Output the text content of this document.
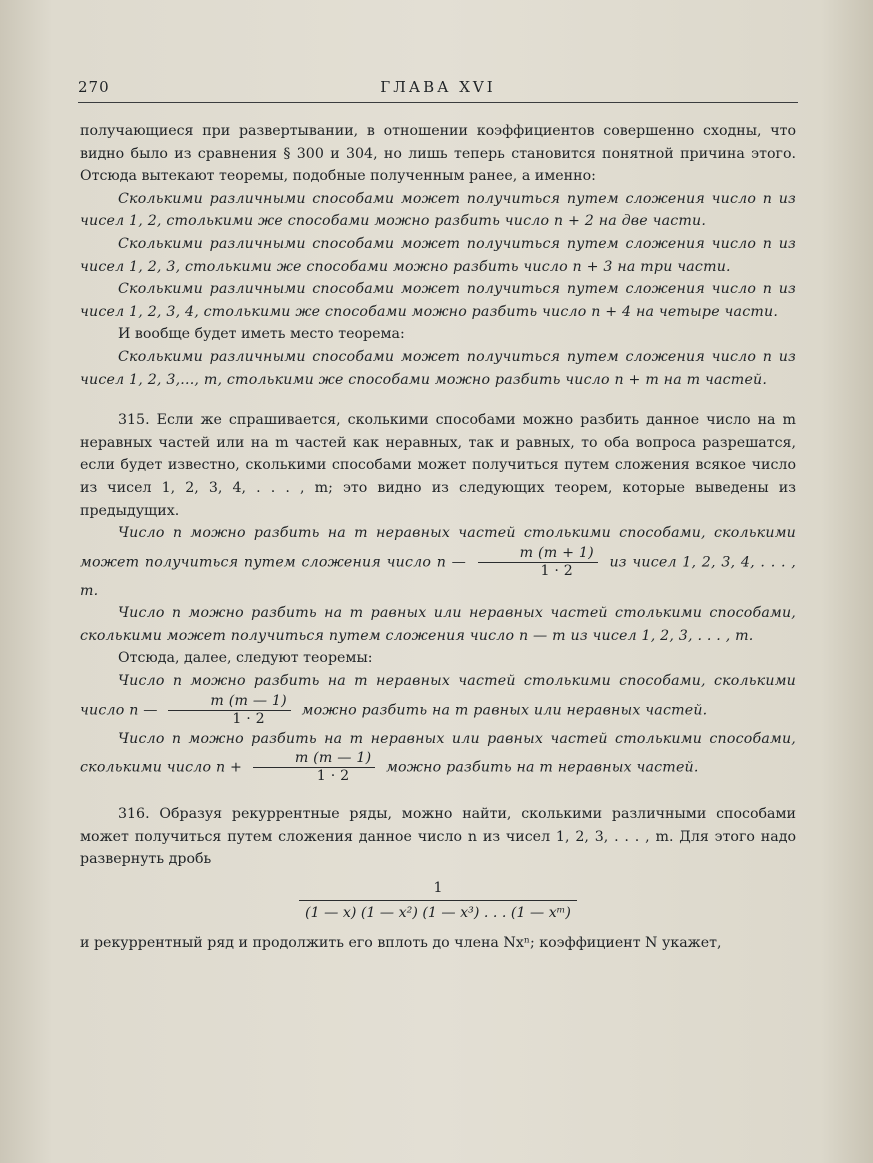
270	ГЛАВА XVI

получающиеся при развертывании, в отношении коэффициентов совершенно сходны, что видно было из сравнения § 300 и 304, но лишь теперь становится понятной причина этого. Отсюда вытекают теоремы, подобные полученным ранее, а именно:

Сколькими различными способами может получиться путем сложения число n из чисел 1, 2, столькими же способами можно разбить число n + 2 на две части.

Сколькими различными способами может получиться путем сложения число n из чисел 1, 2, 3, столькими же способами можно разбить число n + 3 на три части.

Сколькими различными способами может получиться путем сложения число n из чисел 1, 2, 3, 4, столькими же способами можно разбить число n + 4 на четыре части.

И вообще будет иметь место теорема:

Сколькими различными способами может получиться путем сложения число n из чисел 1, 2, 3,..., m, столькими же способами можно разбить число n + m на m частей.

315. Если же спрашивается, сколькими способами можно разбить данное число на m неравных частей или на m частей как неравных, так и равных, то оба вопроса разрешатся, если будет известно, сколькими способами может получиться путем сложения всякое число из чисел 1, 2, 3, 4, . . . , m; это видно из следующих теорем, которые выведены из предыдущих.

Число n можно разбить на m неравных частей столькими способами, сколькими может получиться путем сложения число n — $\frac{m (m + 1)}{1 \cdot 2}$ из чисел 1, 2, 3, 4, . . . , m.

Число n можно разбить на m равных или неравных частей столькими способами, сколькими может получиться путем сложения число n — m из чисел 1, 2, 3, . . . , m.

Отсюда, далее, следуют теоремы:

Число n можно разбить на m неравных частей столькими способами, сколькими число n — $\frac{m (m — 1)}{1 \cdot 2}$ можно разбить на m равных или неравных частей.

Число n можно разбить на m неравных или равных частей столькими способами, сколькими число $n + \frac{m (m — 1)}{1 \cdot 2}$ можно разбить на m неравных частей.

316. Образуя рекуррентные ряды, можно найти, сколькими различными способами может получиться путем сложения данное число n из чисел 1, 2, 3, . . . , m. Для этого надо развернуть дробь

1
(1 — x) (1 — x²) (1 — x³) . . . (1 — xᵐ)

и рекуррентный ряд и продолжить его вплоть до члена Nxⁿ; коэффициент N укажет,
